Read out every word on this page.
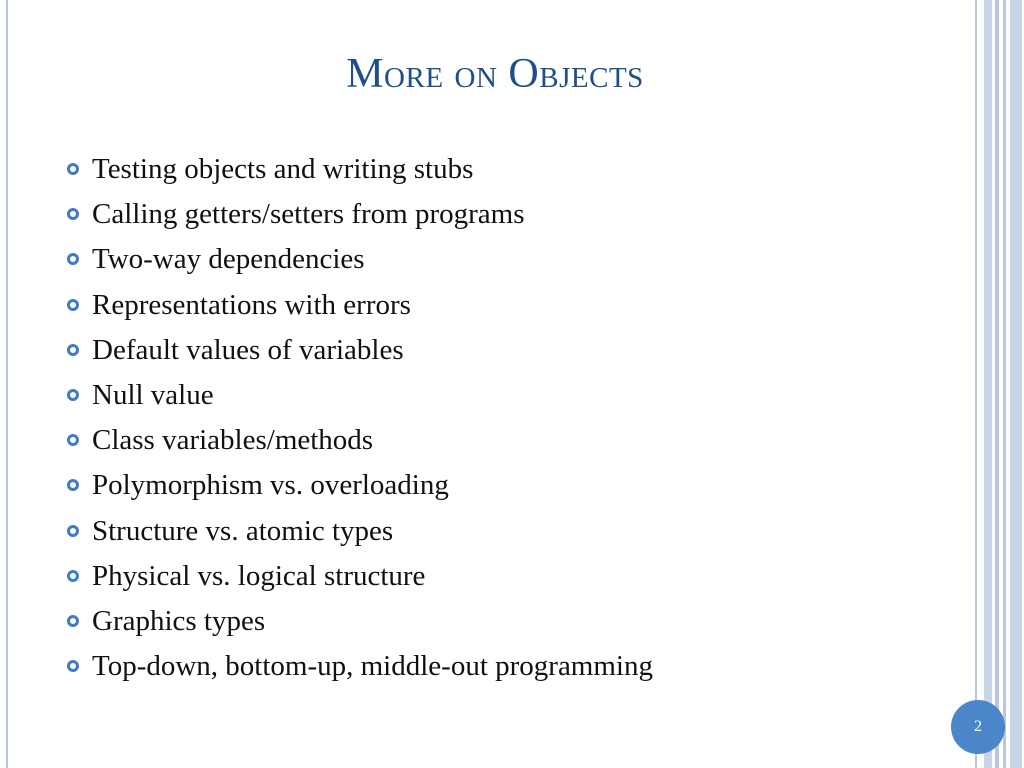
More on Objects
Testing objects and writing stubs
Calling getters/setters from programs
Two-way dependencies
Representations with errors
Default values of variables
Null value
Class variables/methods
Polymorphism vs. overloading
Structure vs. atomic types
Physical vs. logical structure
Graphics types
Top-down, bottom-up, middle-out programming
2
